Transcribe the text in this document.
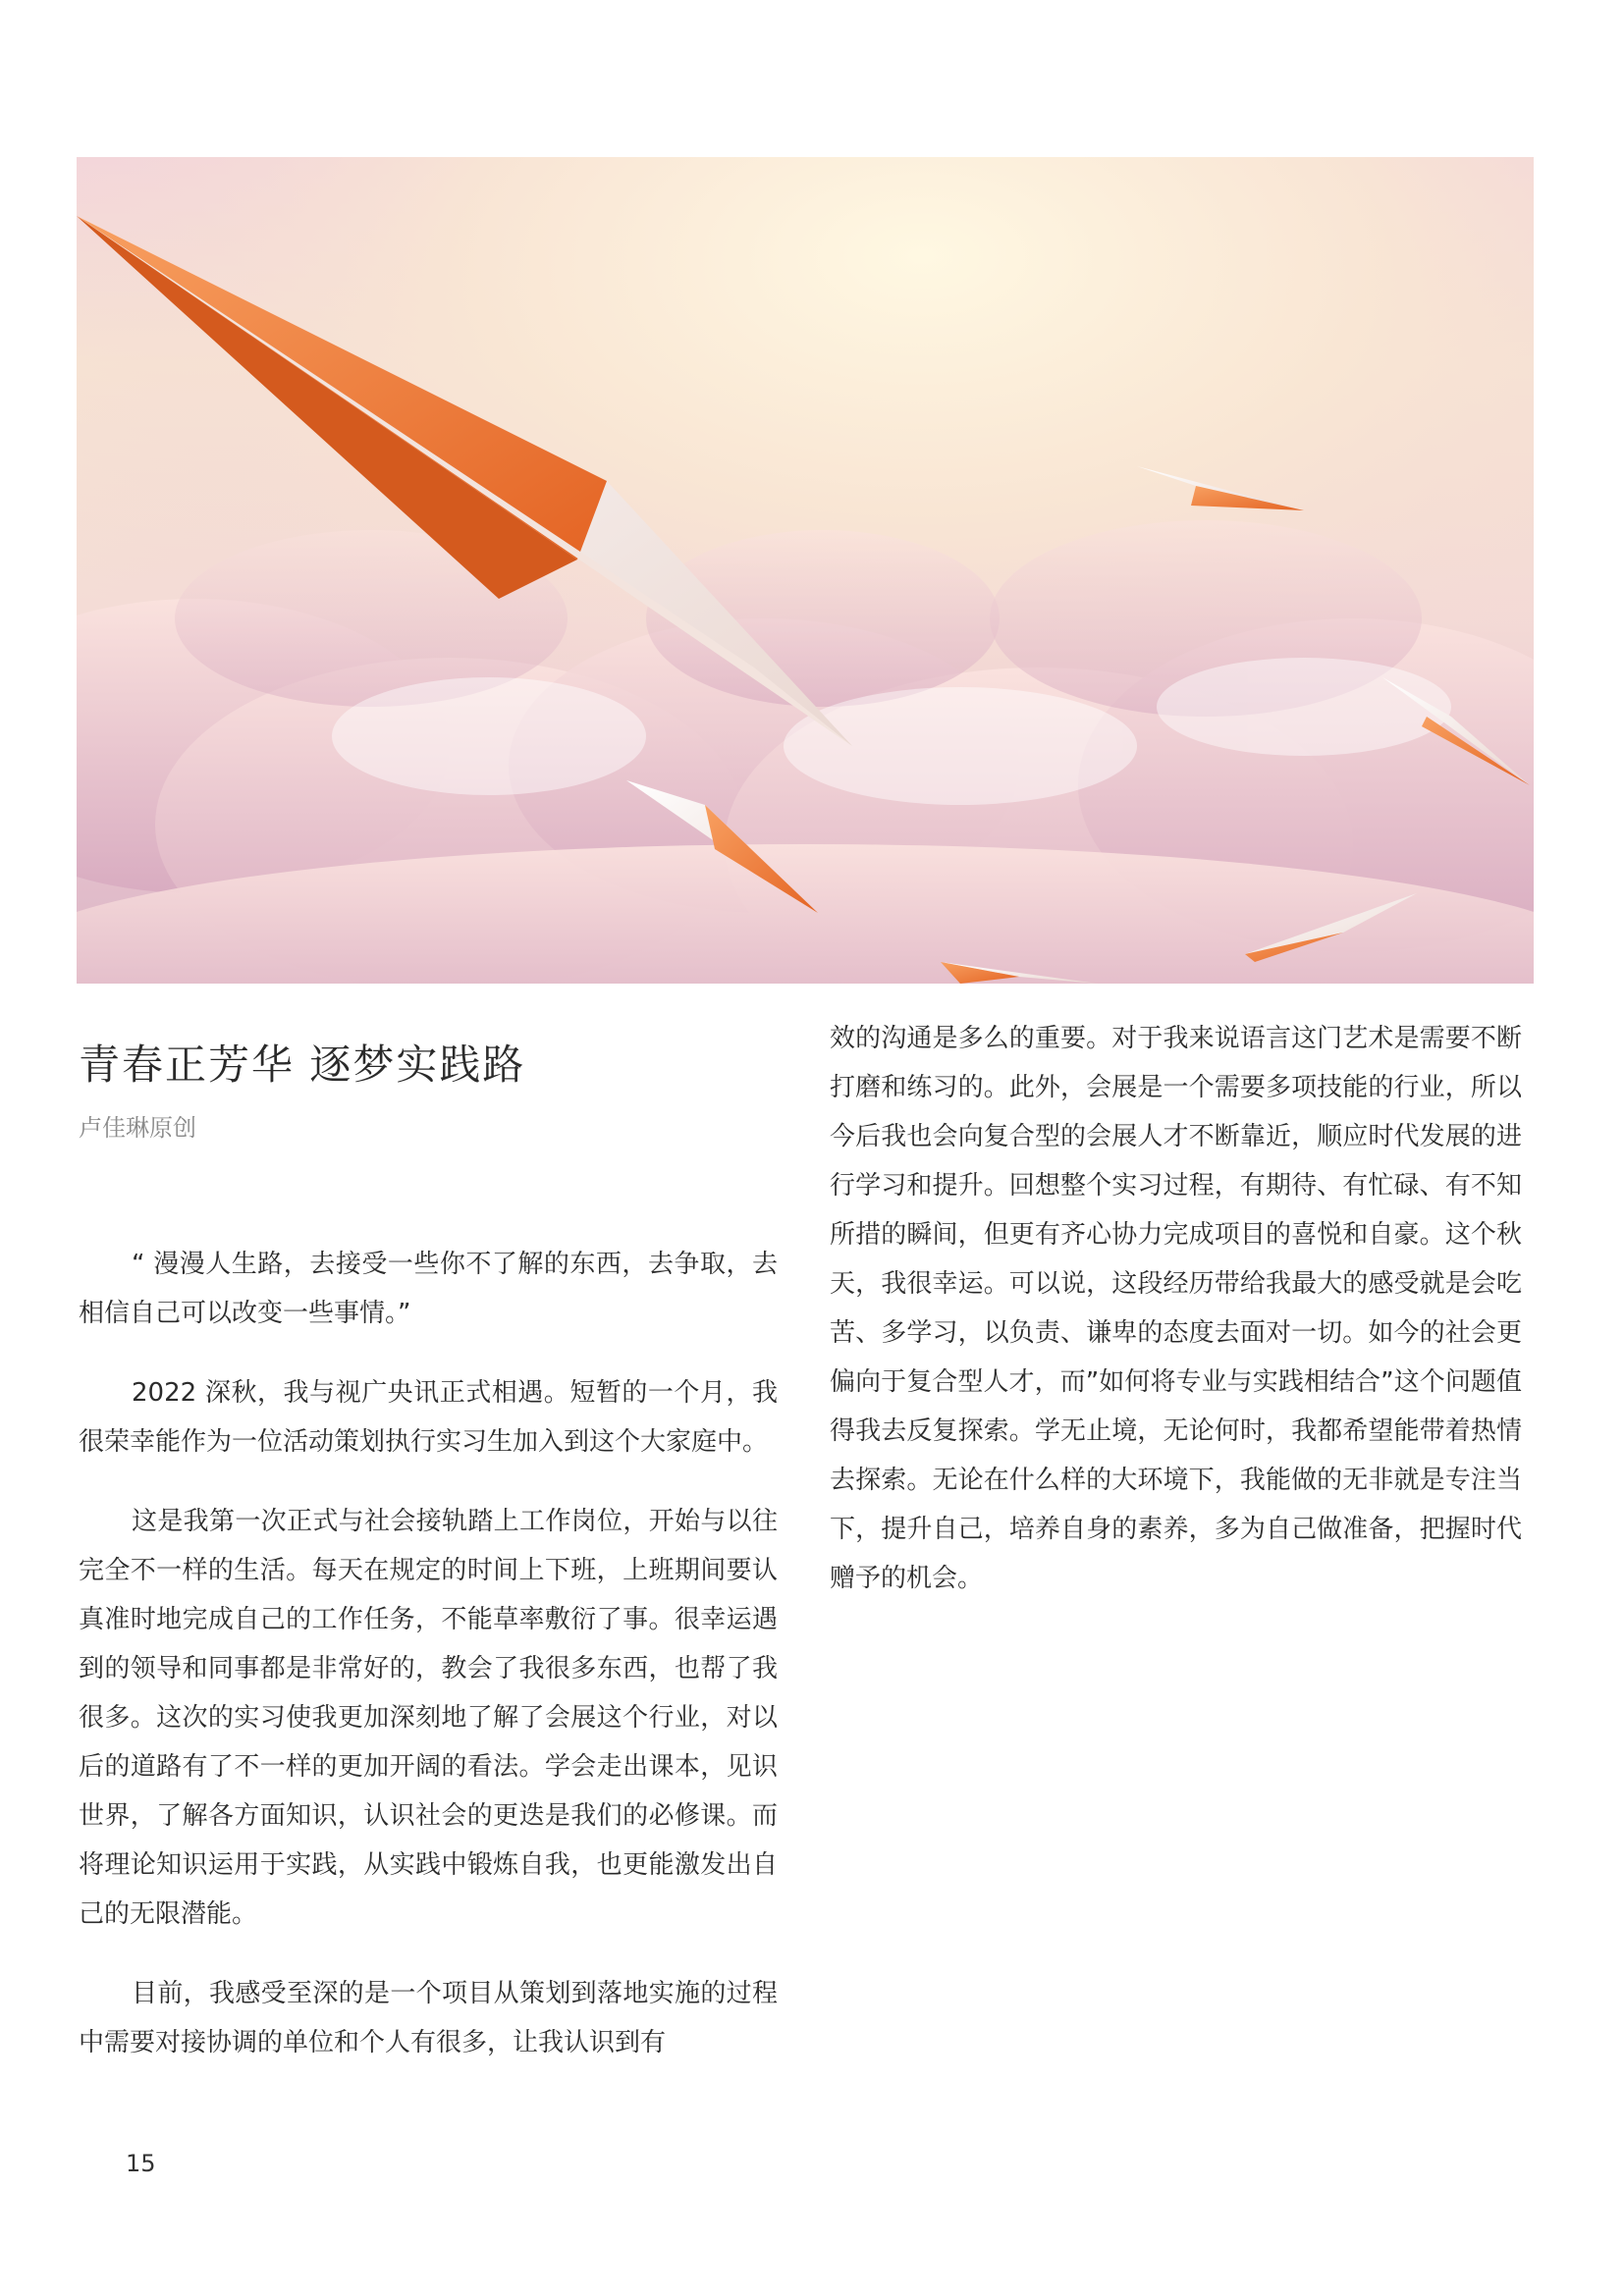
青春正芳华 逐梦实践路

卢佳琳原创

“ 漫漫人生路，去接受一些你不了解的东西，去争取，去相信自己可以改变一些事情。”

2022 深秋，我与视广央讯正式相遇。短暂的一个月，我很荣幸能作为一位活动策划执行实习生加入到这个大家庭中。

这是我第一次正式与社会接轨踏上工作岗位，开始与以往完全不一样的生活。每天在规定的时间上下班，上班期间要认真准时地完成自己的工作任务，不能草率敷衍了事。很幸运遇到的领导和同事都是非常好的，教会了我很多东西，也帮了我很多。这次的实习使我更加深刻地了解了会展这个行业，对以后的道路有了不一样的更加开阔的看法。学会走出课本，见识世界，了解各方面知识，认识社会的更迭是我们的必修课。而将理论知识运用于实践，从实践中锻炼自我，也更能激发出自己的无限潜能。

目前，我感受至深的是一个项目从策划到落地实施的过程中需要对接协调的单位和个人有很多，让我认识到有

效的沟通是多么的重要。对于我来说语言这门艺术是需要不断打磨和练习的。此外，会展是一个需要多项技能的行业，所以今后我也会向复合型的会展人才不断靠近，顺应时代发展的进行学习和提升。回想整个实习过程，有期待、有忙碌、有不知所措的瞬间，但更有齐心协力完成项目的喜悦和自豪。这个秋天，我很幸运。可以说，这段经历带给我最大的感受就是会吃苦、多学习，以负责、谦卑的态度去面对一切。如今的社会更偏向于复合型人才，而”如何将专业与实践相结合”这个问题值得我去反复探索。学无止境，无论何时，我都希望能带着热情去探索。无论在什么样的大环境下，我能做的无非就是专注当下，提升自己，培养自身的素养，多为自己做准备，把握时代赠予的机会。

15
